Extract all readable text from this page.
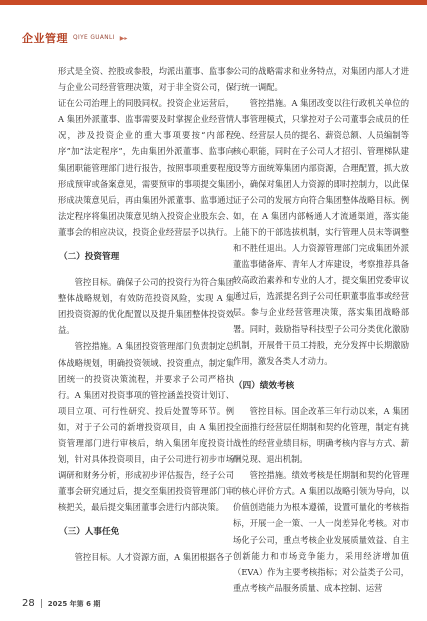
企业管理 QIYE GUANLI ▶▸

形式是全资、控股或参股，均派出董事、监事参与企业公司经营管理决策，对于非全资公司，保证在公司治理上的同股同权。投资企业运营后，A 集团外派董事、监事需要及时掌握企业经营情况，涉及投资企业的重大事项要按“内部程序”加“法定程序”，先由集团外派董事、监事向集团职能管理部门进行报告，按照事项重要程度形成预审或备案意见，需要预审的事项提交集团形成决策意见后，再由集团外派董事、监事通过法定程序将集团决策意见纳入投资企业股东会、董事会的相应决议，投资企业经营层予以执行。

（二）投资管理

管控目标。确保子公司的投资行为符合集团整体战略规划，有效防范投资风险，实现 A 集团投资资源的优化配置以及提升集团整体投资效益。

管控措施。A 集团投资管理部门负责制定总体战略规划，明确投资领域、投资重点，制定集团统一的投资决策流程，并要求子公司严格执行。A 集团对投资事项的管控涵盖投资计划订、项目立项、可行性研究、投后处置等环节。例如，对于子公司的新增投资项目，由 A 集团投资管理部门进行审核后，纳入集团年度投资计划，针对具体投资项目，由子公司进行初步市场调研和财务分析，形成初步评估报告，经子公司董事会研究通过后，提交至集团投资管理部门审核把关，最后提交集团董事会进行内部决策。

（三）人事任免

管控目标。人才资源方面，A 集团根据各子

公司的战略需求和业务特点，对集团内部人才进行统一调配。

管控措施。A 集团改变以往行政机关单位的人事管理模式，只掌控对子公司董事会成员的任免、经营层人员的提名、薪资总额、人员编制等核心职能，同时在子公司人才招引、管理梯队建设等方面统筹集团内部资源，合理配置，抓大放小，确保对集团人力资源的即时控制力，以此保证子公司的发展方向符合集团整体战略目标。例如，在 A 集团内部畅通人才流通渠道，落实能上能下的干部选拔机制，实行管理人员末等调整和不胜任退出。人力资源管理部门完成集团外派董监事储备库、青年人才库建设，考察推荐具备较高政治素养和专业的人才，提交集团党委审议通过后，选派提名到子公司任职董事监事或经营层。参与企业经营管理决策，落实集团战略部署。同时，鼓励指导科技型子公司分类优化激励机制，开展骨干员工持股，充分发挥中长期激励作用，激发各类人才动力。

（四）绩效考核

管控目标。国企改革三年行动以来，A 集团全面推行经营层任期制和契约化管理，制定有挑战性的经营业绩目标，明确考核内容与方式、薪酬兑现、退出机制。

管控措施。绩效考核是任期制和契约化管理的核心评价方式。A 集团以战略引领为导向，以价值创造能力为根本遵循，设置可量化的考核指标，开展一企一策、一人一岗差异化考核。对市场化子公司，重点考核企业发展质量效益、自主创新能力和市场竞争能力，采用经济增加值（EVA）作为主要考核指标；对公益类子公司，重点考核产品服务质量、成本控制、运营

28 2025 年第 6 期
